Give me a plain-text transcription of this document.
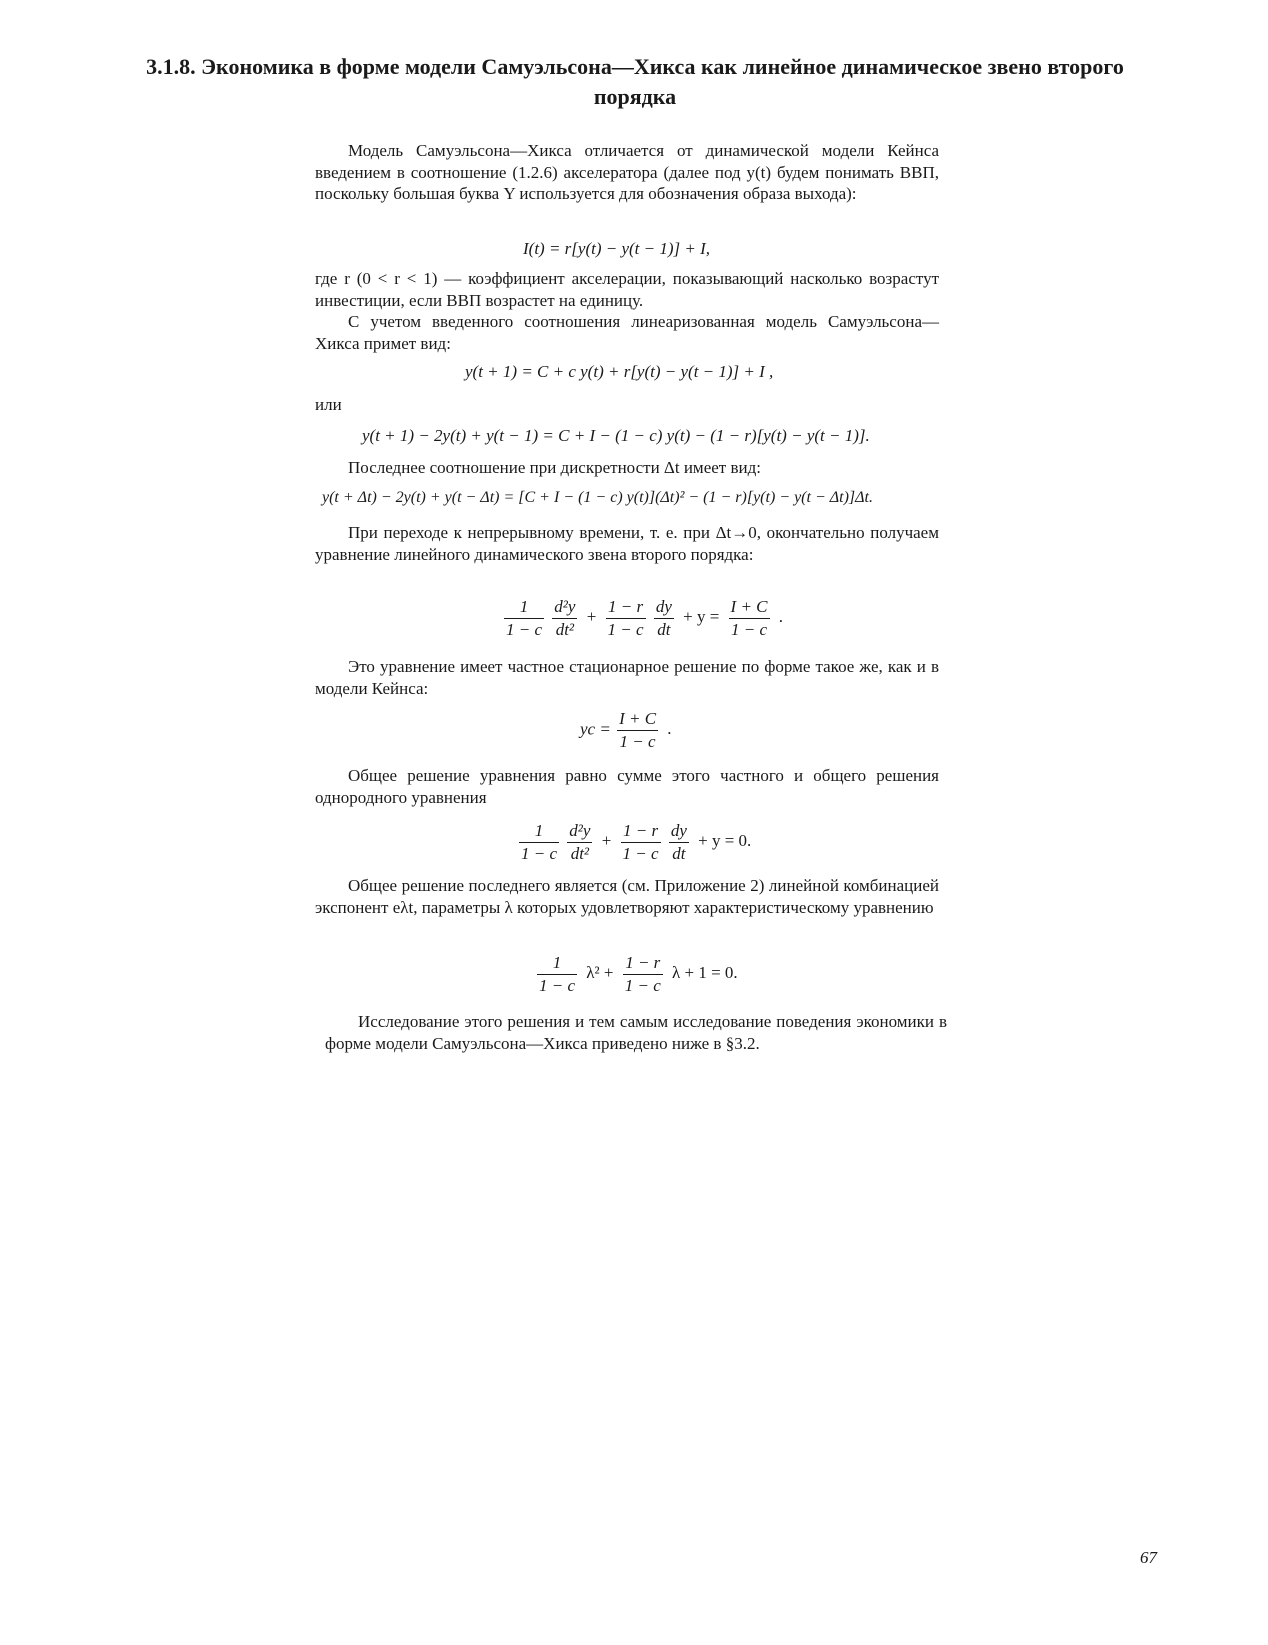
3.1.8. Экономика в форме модели Самуэльсона—Хикса как линейное динамическое звено второго
порядка

Модель Самуэльсона—Хикса отличается от динамической модели Кейнса введением в соотношение (1.2.6) акселератора (далее под y(t) будем понимать ВВП, поскольку большая буква Y используется для обозначения образа выхода):

I(t) = r[y(t) − y(t − 1)] + I,

где r (0 < r < 1) — коэффициент акселерации, показывающий насколько возрастут инвестиции, если ВВП возрастет на единицу.

С учетом введенного соотношения линеаризованная модель Самуэльсона—Хикса примет вид:

y(t + 1) = C + c y(t) + r[y(t) − y(t − 1)] + I ,

или

y(t + 1) − 2y(t) + y(t − 1) = C + I − (1 − c) y(t) − (1 − r)[y(t) − y(t − 1)].

Последнее соотношение при дискретности Δt имеет вид:

y(t + Δt) − 2y(t) + y(t − Δt) = [C + I − (1 − c) y(t)](Δt)² − (1 − r)[y(t) − y(t − Δt)]Δt.

При переходе к непрерывному времени, т. е. при Δt→0, окончательно получаем уравнение линейного динамического звена второго порядка:

$\frac{1}{1 - c}$
$\frac{\text{d²y}}{\text{dt²}} + \frac{1 - r}{1 - c}$
$\frac{dy}{dt} + y = \frac{I + C}{1 - c}$ .

Это уравнение имеет частное стационарное решение по форме такое же, как и в модели Кейнса:

yc = $\frac{I + C}{1 - c}$ .

Общее решение уравнения равно сумме этого частного и общего решения однородного уравнения

$\frac{1}{1 - c}$
$\frac{\text{d²y}}{\text{dt²}} + \frac{1 - r}{1 - c}$
$\frac{dy}{dt} + y = 0$.

Общее решение последнего является (см. Приложение 2) линейной комбинацией экспонент eλt, параметры λ которых удовлетворяют характеристическому уравнению

$\frac{1}{1 - c} \lambda^2 + \frac{1 - r}{1 - c}$ λ + 1 = 0.

Исследование этого решения и тем самым исследование поведения экономики в форме модели Самуэльсона—Хикса приведено ниже в §3.2.

67
